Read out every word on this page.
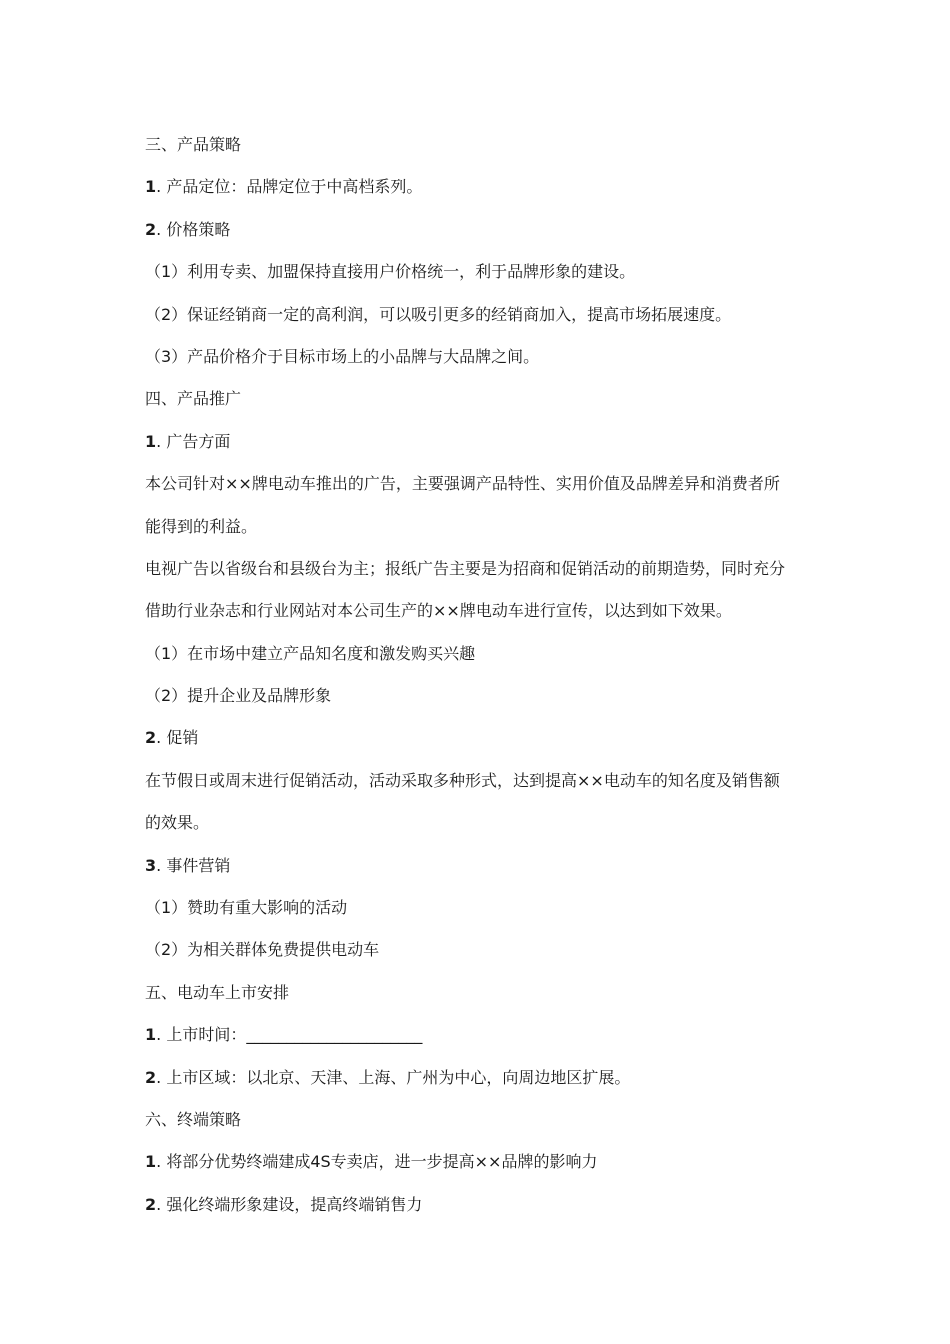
三、产品策略

1. 产品定位：品牌定位于中高档系列。

2. 价格策略

（1）利用专卖、加盟保持直接用户价格统一，利于品牌形象的建设。

（2）保证经销商一定的高利润，可以吸引更多的经销商加入，提高市场拓展速度。

（3）产品价格介于目标市场上的小品牌与大品牌之间。

四、产品推广

1. 广告方面

本公司针对××牌电动车推出的广告，主要强调产品特性、实用价值及品牌差异和消费者所

能得到的利益。

电视广告以省级台和县级台为主；报纸广告主要是为招商和促销活动的前期造势，同时充分

借助行业杂志和行业网站对本公司生产的××牌电动车进行宣传，以达到如下效果。

（1）在市场中建立产品知名度和激发购买兴趣

（2）提升企业及品牌形象

2. 促销

在节假日或周末进行促销活动，活动采取多种形式，达到提高××电动车的知名度及销售额

的效果。

3. 事件营销

（1）赞助有重大影响的活动

（2）为相关群体免费提供电动车

五、电动车上市安排

1. 上市时间：______________________

2. 上市区域：以北京、天津、上海、广州为中心，向周边地区扩展。

六、终端策略

1. 将部分优势终端建成4S专卖店，进一步提高××品牌的影响力

2. 强化终端形象建设，提高终端销售力
